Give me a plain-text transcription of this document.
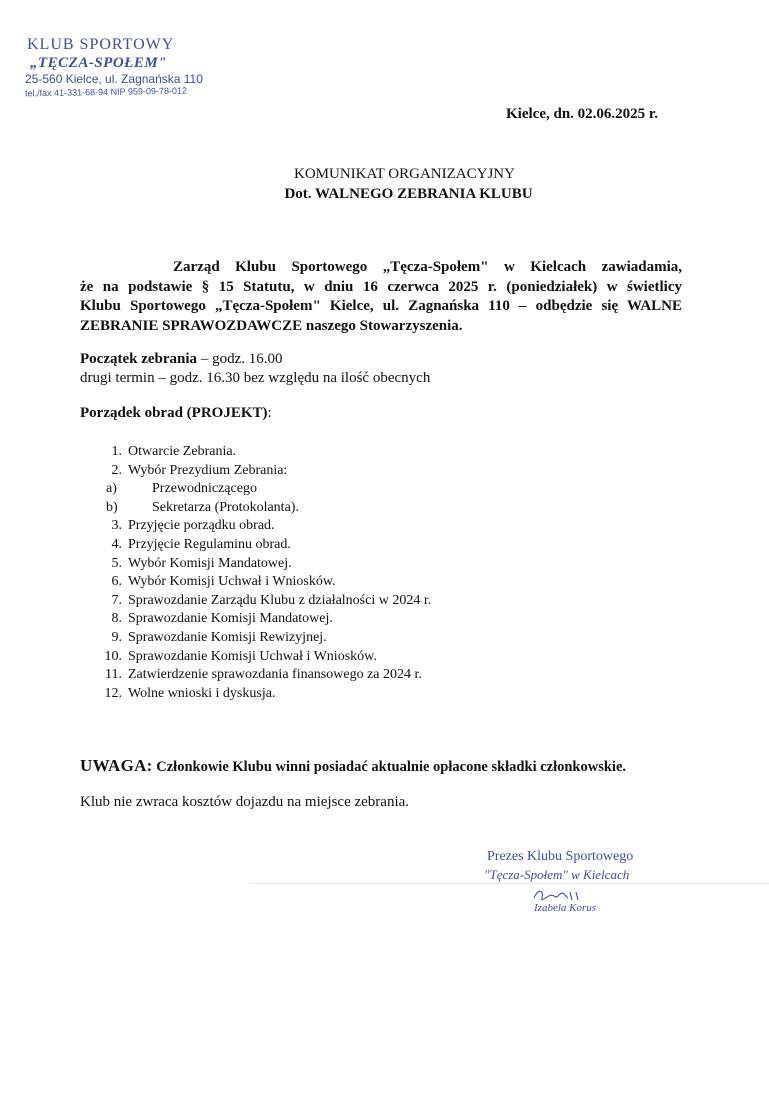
KLUB SPORTOWY
„TĘCZA-SPOŁEM"
25-560 Kielce, ul. Zagnańska 110
tel./fax 41-331-68-94 NIP 959-09-78-012
Kielce, dn. 02.06.2025 r.
KOMUNIKAT ORGANIZACYJNY
Dot. WALNEGO ZEBRANIA KLUBU
Zarząd Klubu Sportowego „Tęcza-Społem" w Kielcach zawiadamia,
że na podstawie § 15 Statutu, w dniu 16 czerwca 2025 r. (poniedziałek) w świetlicy
Klubu Sportowego „Tęcza-Społem" Kielce, ul. Zagnańska 110 – odbędzie się WALNE
ZEBRANIE SPRAWOZDAWCZE naszego Stowarzyszenia.
Początek zebrania – godz. 16.00
drugi termin – godz. 16.30 bez względu na ilość obecnych
Porządek obrad (PROJEKT):
1. Otwarcie Zebrania.
2. Wybór Prezydium Zebrania:
a)	Przewodniczącego
b)	Sekretarza (Protokolanta).
3. Przyjęcie porządku obrad.
4. Przyjęcie Regulaminu obrad.
5. Wybór Komisji Mandatowej.
6. Wybór Komisji Uchwał i Wniosków.
7. Sprawozdanie Zarządu Klubu z działalności w 2024 r.
8. Sprawozdanie Komisji Mandatowej.
9. Sprawozdanie Komisji Rewizyjnej.
10. Sprawozdanie Komisji Uchwał i Wniosków.
11. Zatwierdzenie sprawozdania finansowego za 2024 r.
12. Wolne wnioski i dyskusja.
UWAGA: Członkowie Klubu winni posiadać aktualnie opłacone składki członkowskie.
Klub nie zwraca kosztów dojazdu na miejsce zebrania.
Prezes Klubu Sportowego
"Tęcza-Społem" w Kielcach
Izabela Korus
